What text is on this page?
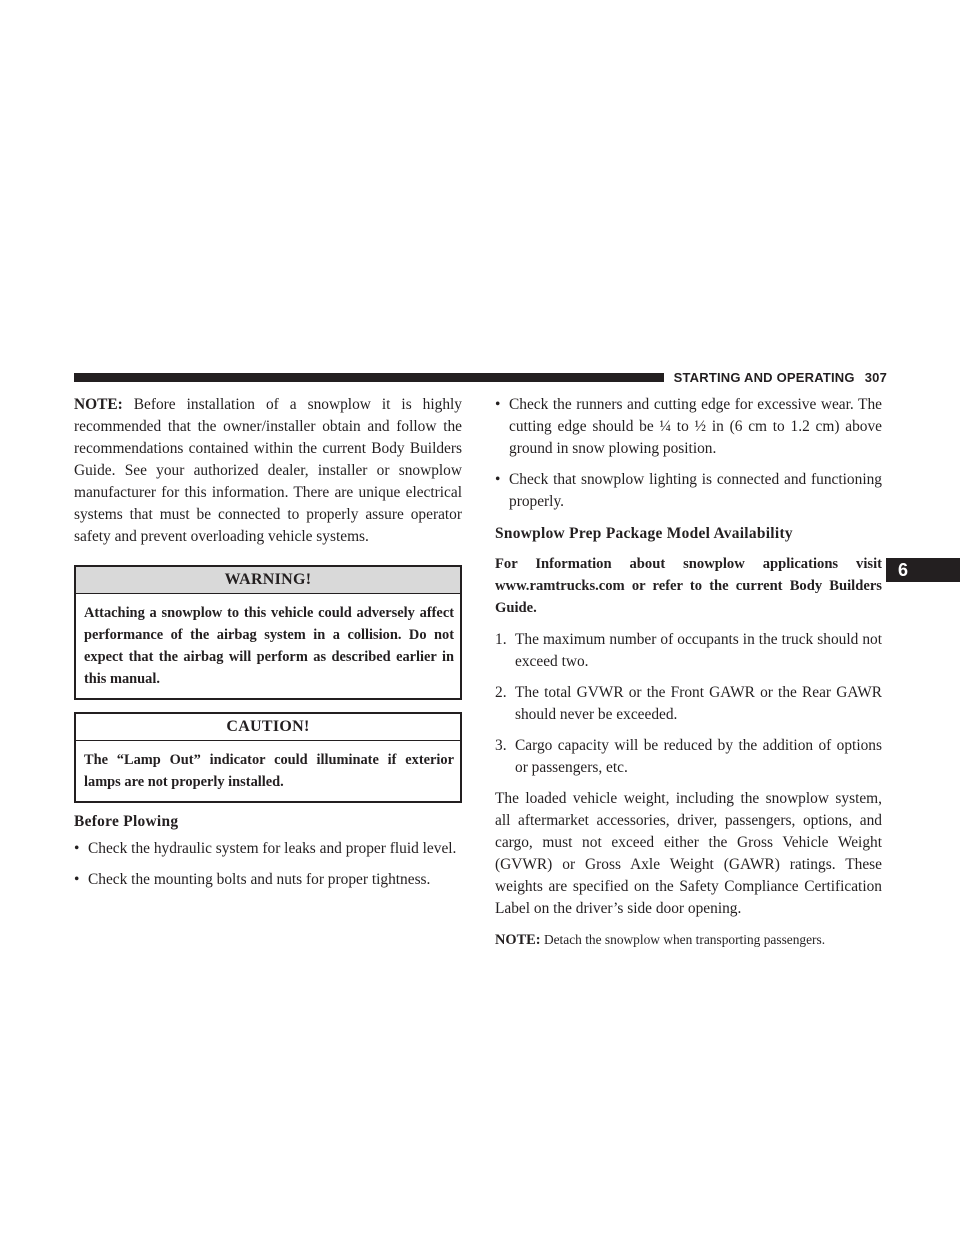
STARTING AND OPERATING 307
6

NOTE: Before installation of a snowplow it is highly recommended that the owner/installer obtain and follow the recommendations contained within the current Body Builders Guide. See your authorized dealer, installer or snowplow manufacturer for this information. There are unique electrical systems that must be connected to properly assure operator safety and prevent overloading vehicle systems.

WARNING!

Attaching a snowplow to this vehicle could adversely affect performance of the airbag system in a collision. Do not expect that the airbag will perform as described earlier in this manual.

CAUTION!

The “Lamp Out” indicator could illuminate if exterior lamps are not properly installed.

Before Plowing
• Check the hydraulic system for leaks and proper fluid level.
• Check the mounting bolts and nuts for proper tightness.
• Check the runners and cutting edge for excessive wear. The cutting edge should be ¼ to ½ in (6 cm to 1.2 cm) above ground in snow plowing position.
• Check that snowplow lighting is connected and functioning properly.
Snowplow Prep Package Model Availability

For Information about snowplow applications visit www.ramtrucks.com or refer to the current Body Builders Guide.

1. The maximum number of occupants in the truck should not exceed two.
2. The total GVWR or the Front GAWR or the Rear GAWR should never be exceeded.
3. Cargo capacity will be reduced by the addition of options or passengers, etc.

The loaded vehicle weight, including the snowplow system, all aftermarket accessories, driver, passengers, options, and cargo, must not exceed either the Gross Vehicle Weight (GVWR) or Gross Axle Weight (GAWR) ratings. These weights are specified on the Safety Compliance Certification Label on the driver’s side door opening.

NOTE: Detach the snowplow when transporting passengers.
